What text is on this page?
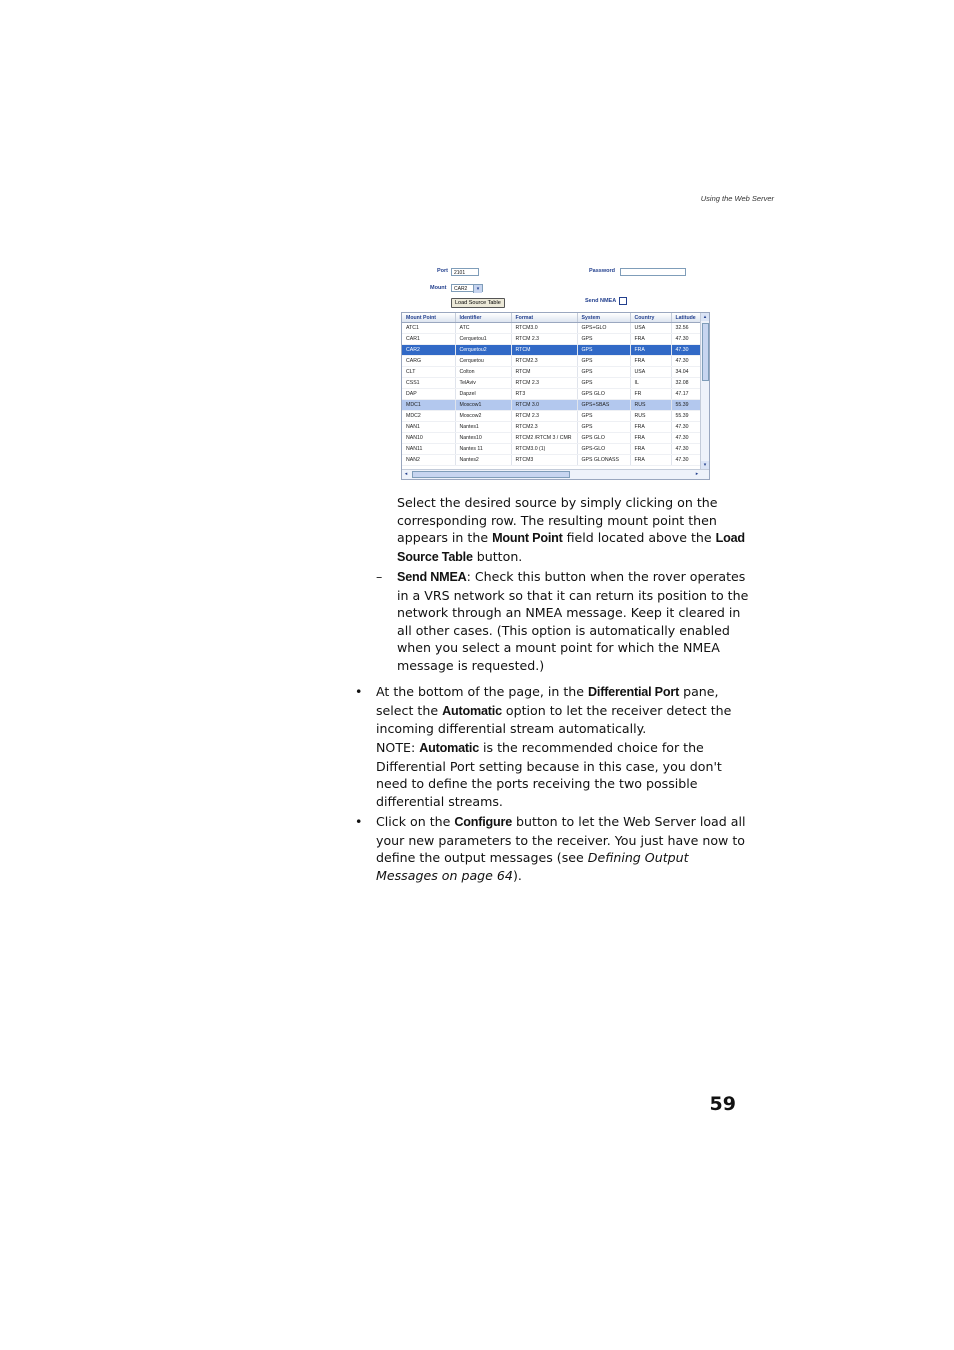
Using the Web Server
Port	2101	Password
Mount	CAR2	▾
Load Source Table	Send NMEA
Mount Point	Identifier	Format	System	Country	Latitude
ATC1	ATC	RTCM3.0	GPS+GLO	USA	32.56
CAR1	Cerquetou1	RTCM 2.3	GPS	FRA	47.30
CAR2	Cerquetou2	RTCM	GPS	FRA	47.30
CARG	Cerquetou	RTCM2.3	GPS	FRA	47.30
CLT	Colton	RTCM	GPS	USA	34.04
CSS1	TelAviv	RTCM 2.3	GPS	IL	32.08
DAP	Dapzel	RT3	GPS GLO	FR	47.17
MDC1	Moscow1	RTCM 3.0	GPS+SBAS	RUS	55.39
MDC2	Moscow2	RTCM 2.3	GPS	RUS	55.39
NAN1	Nantes1	RTCM2.3	GPS	FRA	47.30
NAN10	Nantes10	RTCM2 /RTCM 3 / CMR	GPS GLO	FRA	47.30
NAN11	Nantes 11	RTCM3.0 (1)	GPS-GLO	FRA	47.30
NAN2	Nantes2	RTCM3	GPS GLONASS	FRA	47.30
▴
▾
◂	▸
Select the desired source by simply clicking on the
corresponding row. The resulting mount point then
appears in the Mount Point field located above the Load
Source Table button.
– Send NMEA: Check this button when the rover operates
in a VRS network so that it can return its position to the
network through an NMEA message. Keep it cleared in
all other cases. (This option is automatically enabled
when you select a mount point for which the NMEA
message is requested.)
• At the bottom of the page, in the Differential Port pane,
select the Automatic option to let the receiver detect the
incoming differential stream automatically.
NOTE: Automatic is the recommended choice for the
Differential Port setting because in this case, you don't
need to define the ports receiving the two possible
differential streams.
• Click on the Configure button to let the Web Server load all
your new parameters to the receiver. You just have now to
define the output messages (see Defining Output
Messages on page 64).
59
